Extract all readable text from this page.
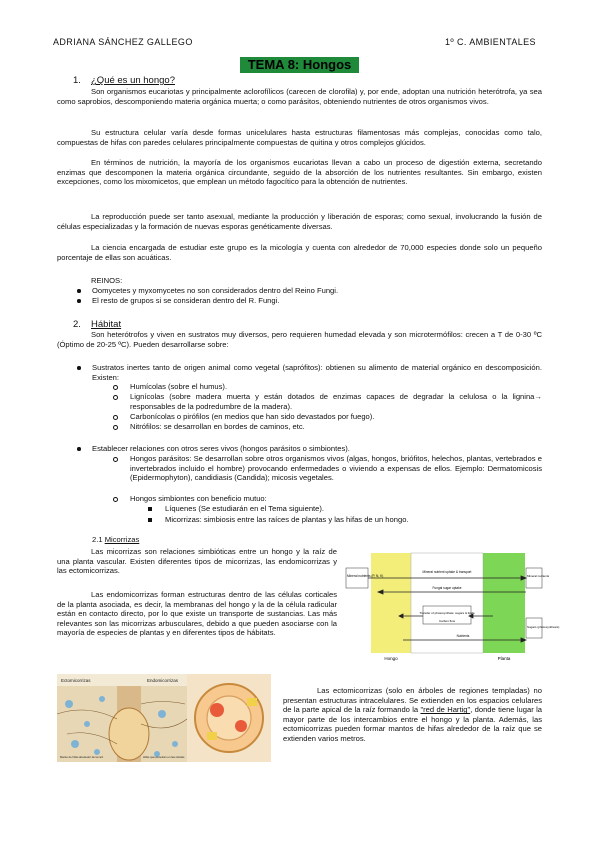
ADRIANA SÁNCHEZ GALLEGO	1º C. AMBIENTALES
TEMA 8: Hongos
1. ¿Qué es un hongo?
Son organismos eucariotas y principalmente aclorofílicos (carecen de clorofila) y, por ende, adoptan una nutrición heterótrofa, ya sea como saprobios, descomponiendo materia orgánica muerta; o como parásitos, obteniendo nutrientes de otros organismos vivos.
Su estructura celular varía desde formas unicelulares hasta estructuras filamentosas más complejas, conocidas como talo, compuestas de hifas con paredes celulares principalmente compuestas de quitina y otros complejos glúcidos.
En términos de nutrición, la mayoría de los organismos eucariotas llevan a cabo un proceso de digestión externa, secretando enzimas que descomponen la materia orgánica circundante, seguido de la absorción de los nutrientes resultantes. Sin embargo, existen excepciones, como los mixomicetos, que emplean un método fagocítico para la obtención de nutrientes.
La reproducción puede ser tanto asexual, mediante la producción y liberación de esporas; como sexual, involucrando la fusión de células especializadas y la formación de nuevas esporas genéticamente diversas.
La ciencia encargada de estudiar este grupo es la micología y cuenta con alrededor de 70,000 especies donde solo un pequeño porcentaje de ellas son acuáticas.
REINOS:
Oomycetes y myxomycetes no son considerados dentro del Reino Fungi.
El resto de grupos si se consideran dentro del R. Fungi.
2. Hábitat
Son heterótrofos y viven en sustratos muy diversos, pero requieren humedad elevada y son microtermófilos: crecen a T de 0-30 ºC (Óptimo de 20-25 ºC). Pueden desarrollarse sobre:
Sustratos inertes tanto de origen animal como vegetal (saprófitos): obtienen su alimento de material orgánico en descomposición. Existen:
Humícolas (sobre el humus).
Lignícolas (sobre madera muerta y están dotados de enzimas capaces de degradar la celulosa o la lignina→ responsables de la podredumbre de la madera).
Carbonícolas o pirófilos (en medios que han sido devastados por fuego).
Nitrófilos: se desarrollan en bordes de caminos, etc.
Establecer relaciones con otros seres vivos (hongos parásitos o simbiontes).
Hongos parásitos: Se desarrollan sobre otros organismos vivos (algas, hongos, briófitos, helechos, plantas, vertebrados e invertebrados incluido el hombre) provocando enfermedades o viviendo a expensas de ellos. Ejemplo: Dermatomicosis (Epidermophyton), candidiasis (Candida); micosis vegetales.
Hongos simbiontes con beneficio mutuo:
Líquenes (Se estudiarán en el Tema siguiente).
Micorrizas: simbiosis entre las raíces de plantas y las hifas de un hongo.
2.1 Micorrizas
Las micorrizas son relaciones simbióticas entre un hongo y la raíz de una planta vascular. Existen diferentes tipos de micorrizas, las endomicorrizas y las ectomicorrizas.
Las endomicorrizas forman estructuras dentro de las células corticales de la planta asociada, es decir, la membranas del hongo y la de la célula radicular están en contacto directo, por lo que existe un transporte de sustancias. Las más relevantes son las micorrizas arbusculares, debido a que pueden asociarse con la mayoría de especies de plantas y en diferentes tipos de hábitats.
Hongo	Planta
Mineral nutrients (P, N, K)	Mineral nutrients
Sugars (photosynthesis)
Mineral nutrient uptake & transport
Fungal sugar uptake
Transfer of photosynthate: sugars & lipids
Carbon flow
Nutrients
Ectomicorrizas	Endomicorrizas
Manto de hifas alrededor de la raíz	Hifas que penetran en las células
Las ectomicorrizas (solo en árboles de regiones templadas) no presentan estructuras intracelulares. Se extienden en los espacios celulares de la parte apical de la raíz formando la "red de Hartig", donde tiene lugar la mayor parte de los intercambios entre el hongo y la planta. Además, las ectomicorrizas pueden formar mantos de hifas alrededor de la raíz que se extienden varios metros.
